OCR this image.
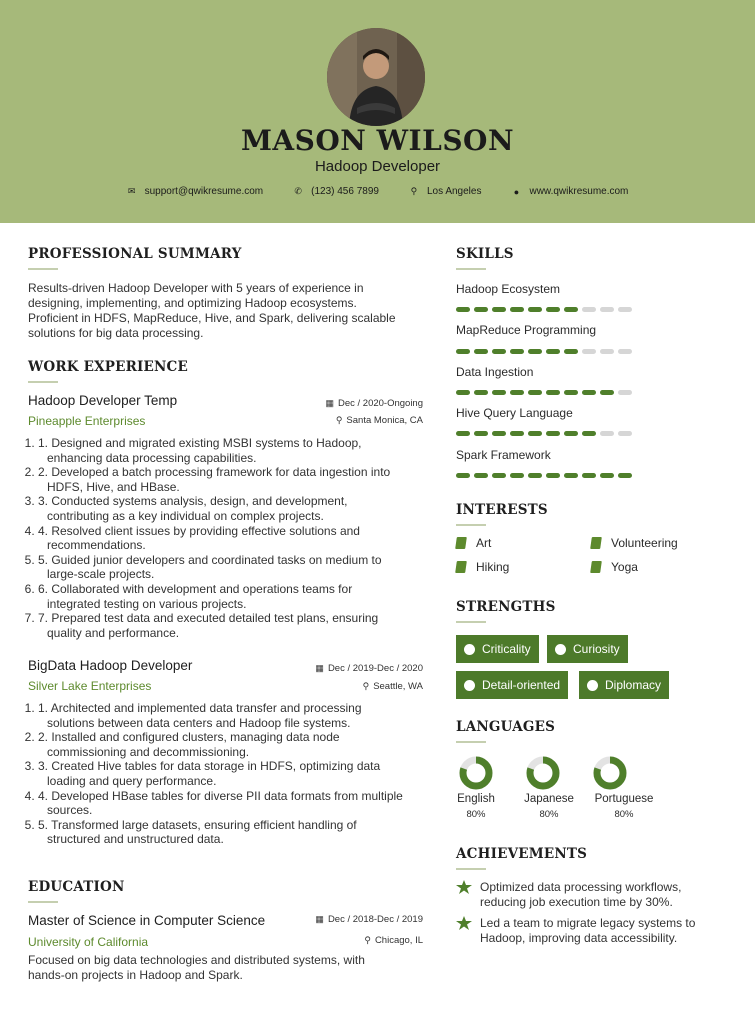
MASON WILSON
Hadoop Developer
✉ support@qwikresume.com	✆ (123) 456 7899	⚲ Los Angeles	● www.qwikresume.com
PROFESSIONAL SUMMARY
Results-driven Hadoop Developer with 5 years of experience in
designing, implementing, and optimizing Hadoop ecosystems.
Proficient in HDFS, MapReduce, Hive, and Spark, delivering scalable
solutions for big data processing.
WORK EXPERIENCE
Hadoop Developer Temp
Pineapple Enterprises
▦ Dec / 2020-Ongoing
⚲ Santa Monica, CA
1. 1. Designed and migrated existing MSBI systems to Hadoop,
enhancing data processing capabilities.
2. 2. Developed a batch processing framework for data ingestion into
HDFS, Hive, and HBase.
3. 3. Conducted systems analysis, design, and development,
contributing as a key individual on complex projects.
4. 4. Resolved client issues by providing effective solutions and
recommendations.
5. 5. Guided junior developers and coordinated tasks on medium to
large-scale projects.
6. 6. Collaborated with development and operations teams for
integrated testing on various projects.
7. 7. Prepared test data and executed detailed test plans, ensuring
quality and performance.
BigData Hadoop Developer
Silver Lake Enterprises
▦ Dec / 2019-Dec / 2020
⚲ Seattle, WA
1. 1. Architected and implemented data transfer and processing
solutions between data centers and Hadoop file systems.
2. 2. Installed and configured clusters, managing data node
commissioning and decommissioning.
3. 3. Created Hive tables for data storage in HDFS, optimizing data
loading and query performance.
4. 4. Developed HBase tables for diverse PII data formats from multiple
sources.
5. 5. Transformed large datasets, ensuring efficient handling of
structured and unstructured data.
EDUCATION
Master of Science in Computer Science
University of California
▦ Dec / 2018-Dec / 2019
⚲ Chicago, IL
Focused on big data technologies and distributed systems, with
hands-on projects in Hadoop and Spark.
SKILLS
Hadoop Ecosystem
MapReduce Programming
Data Ingestion
Hive Query Language
Spark Framework
INTERESTS
Art	Volunteering
Hiking	Yoga
STRENGTHS
Criticality	Curiosity
Detail-oriented	Diplomacy
LANGUAGES
English
80%
Japanese
80%
Portuguese
80%
ACHIEVEMENTS
Optimized data processing workflows,
reducing job execution time by 30%.
Led a team to migrate legacy systems to
Hadoop, improving data accessibility.
